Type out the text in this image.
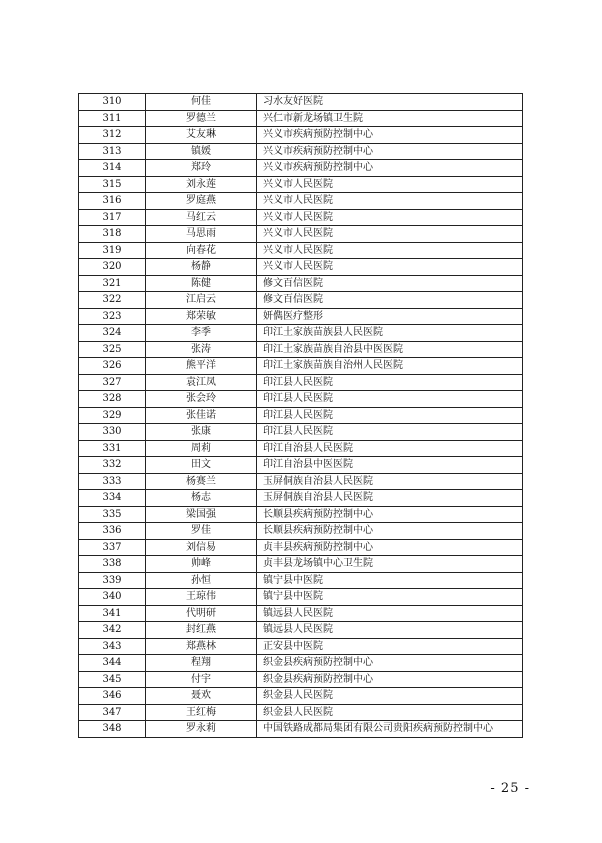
310	何佳	习水友好医院
311	罗德兰	兴仁市新龙场镇卫生院
312	艾友琳	兴义市疾病预防控制中心
313	镇媛	兴义市疾病预防控制中心
314	郑玲	兴义市疾病预防控制中心
315	刘永莲	兴义市人民医院
316	罗庭燕	兴义市人民医院
317	马红云	兴义市人民医院
318	马思雨	兴义市人民医院
319	向春花	兴义市人民医院
320	杨静	兴义市人民医院
321	陈健	修文百信医院
322	江启云	修文百信医院
323	郑荣敏	妍儁医疗整形
324	李季	印江土家族苗族县人民医院
325	张涛	印江土家族苗族自治县中医医院
326	熊平洋	印江土家族苗族自治州人民医院
327	袁江凤	印江县人民医院
328	张会玲	印江县人民医院
329	张佳诺	印江县人民医院
330	张康	印江县人民医院
331	周莉	印江自治县人民医院
332	田文	印江自治县中医医院
333	杨赛兰	玉屏侗族自治县人民医院
334	杨志	玉屏侗族自治县人民医院
335	梁国强	长顺县疾病预防控制中心
336	罗佳	长顺县疾病预防控制中心
337	刘信易	贞丰县疾病预防控制中心
338	帅峰	贞丰县龙场镇中心卫生院
339	孙恒	镇宁县中医院
340	王琼伟	镇宁县中医院
341	代明研	镇远县人民医院
342	封红燕	镇远县人民医院
343	郑燕林	正安县中医院
344	程翔	织金县疾病预防控制中心
345	付宇	织金县疾病预防控制中心
346	聂欢	织金县人民医院
347	王红梅	织金县人民医院
348	罗永莉	中国铁路成都局集团有限公司贵阳疾病预防控制中心
- 25 -
